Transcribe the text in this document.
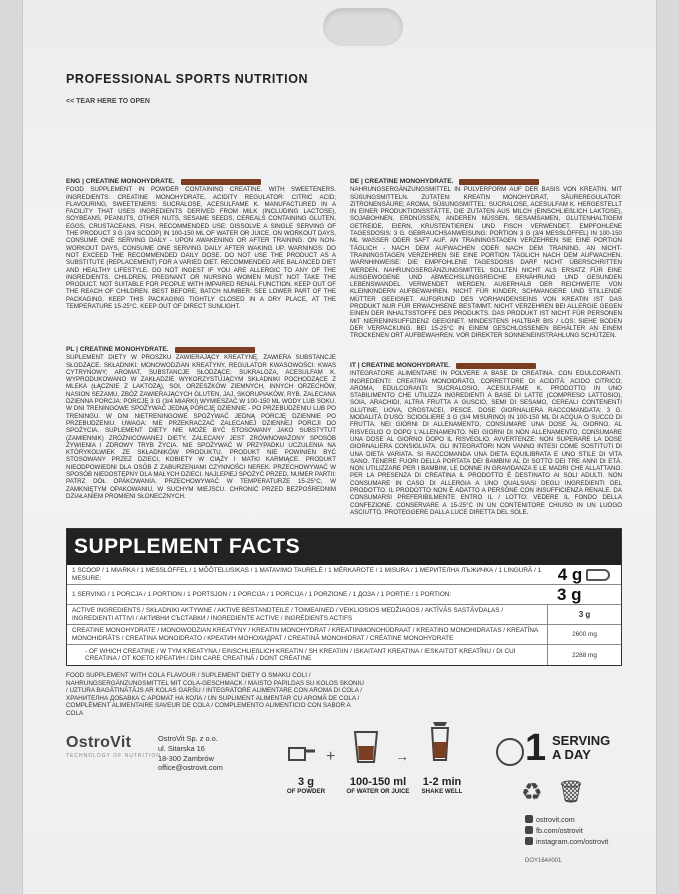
PROFESSIONAL SPORTS NUTRITION
<< TEAR HERE TO OPEN
ENG | CREATINE MONOHYDRATE.

FOOD SUPPLEMENT IN POWDER CONTAINING CREATINE. WITH SWEETENERS. INGREDIENTS: CREATINE MONOHYDRATE, ACIDITY REGULATOR: CITRIC ACID; FLAVOURING, SWEETENERS: SUCRALOSE, ACESULFAME K. MANUFACTURED IN A FACILITY THAT USES INGREDIENTS DERIVED FROM MILK (INCLUDING LACTOSE), SOYBEANS, PEANUTS, OTHER NUTS, SESAME SEEDS, CEREALS CONTAINING GLUTEN, EGGS, CRUSTACEANS, FISH. RECOMMENDED USE: DISSOLVE A SINGLE SERVING OF THE PRODUCT 3 G (3/4 SCOOP) IN 100-150 ML OF WATER OR JUICE. ON WORKOUT DAYS, CONSUME ONE SERVING DAILY - UPON AWAKENING OR AFTER TRAINING. ON NON-WORKOUT DAYS, CONSUME ONE SERVING DAILY AFTER WAKING UP. WARNINGS: DO NOT EXCEED THE RECOMMENDED DAILY DOSE. DO NOT USE THE PRODUCT AS A SUBSTITUTE (REPLACEMENT) FOR A VARIED DIET. RECOMMENDED ARE BALANCED DIET AND HEALTHY LIFESTYLE. DO NOT INGEST IF YOU ARE ALLERGIC TO ANY OF THE INGREDIENTS. CHILDREN, PREGNANT OR NURSING WOMEN MUST NOT TAKE THE PRODUCT. NOT SUITABLE FOR PEOPLE WITH IMPAIRED RENAL FUNCTION. KEEP OUT OF THE REACH OF CHILDREN. BEST BEFORE, BATCH NUMBER: SEE LOWER PART OF THE PACKAGING. KEEP THIS PACKAGING TIGHTLY CLOSED IN A DRY PLACE, AT THE TEMPERATURE 15-25°C. KEEP OUT OF DIRECT SUNLIGHT.

DE | CREATINE MONOHYDRATE.

NAHRUNGSERGÄNZUNGSMITTEL IN PULVERFORM AUF DER BASIS VON KREATIN. MIT SÜßUNGSMITTELN. ZUTATEN: KREATIN MONOHYDRAT, SÄUREREGULATOR: ZITRONENSÄURE; AROMA, SÜßUNGSMITTEL: SUCRALOSE, ACESULFAM K. HERGESTELLT IN EINER PRODUKTIONSSTÄTTE, DIE ZUTATEN AUS MILCH (EINSCHLIEßLICH LAKTOSE), SOJABOHNEN, ERDNÜSSEN, ANDEREN NÜSSEN, SESAMSAMEN, GLUTENHALTIGEM GETREIDE, EIERN, KRUSTENTIEREN UND FISCH VERWENDET. EMPFOHLENE TAGESDOSIS: 3 G. GEBRAUCHSANWEISUNG: PORTION 3 G (3/4 MESSLÖFFEL) IN 100-150 ML WASSER ODER SAFT AUF. AN TRAININGSTAGEN VERZEHREN SIE EINE PORTION TÄGLICH - NACH DEM AUFWACHEN ODER NACH DEM TRAINING. AN NICHT-TRAININGSTAGEN VERZEHREN SIE EINE PORTION TÄGLICH NACH DEM AUFWACHEN. WARNHINWEISE: DIE EMPFOHLENE TAGESDOSIS DARF NICHT ÜBERSCHRITTEN WERDEN. NAHRUNGSERGÄNZUNGSMITTEL SOLLTEN NICHT ALS ERSATZ FÜR EINE AUSGEWOGENE UND ABWECHSLUNGSREICHE ERNÄHRUNG UND GESUNDEN LEBENSWANDEL VERWENDET WERDEN. AUßERHALB DER REICHWEITE VON KLEINKINDERN AUFBEWAHREN. NICHT FÜR KINDER, SCHWANGERE UND STILLENDE MÜTTER GEEIGNET. AUFGRUND DES VORHANDENSEINS VON KREATIN IST DAS PRODUKT NUR FÜR ERWACHSENE BESTIMMT. NICHT VERZEHREN BEI ALLERGIE GEGEN EINEN DER INHALTSSTOFFE DES PRODUKTS. DAS PRODUKT IST NICHT FÜR PERSONEN MIT NIERENINSUFFIZIENZ GEEIGNET. MINDESTENS HALTBAR BIS / LOS: SIEHE BODEN DER VERPACKUNG. BEI 15-25°C IN EINEM GESCHLOSSENEN BEHÄLTER AN EINEM TROCKENEN ORT AUFBEWAHREN. VOR DIREKTER SONNENEINSTRAHLUNG SCHÜTZEN.

PL | CREATINE MONOHYDRATE.

SUPLEMENT DIETY W PROSZKU ZAWIERAJĄCY KREATYNĘ. ZAWIERA SUBSTANCJE SŁODZĄCE. SKŁADNIKI: MONOWODZIAN KREATYNY, REGULATOR KWASOWOŚCI: KWAS CYTRYNOWY; AROMAT, SUBSTANCJE SŁODZĄCE: SUKRALOZA, ACESULFAM K. WYPRODUKOWANO W ZAKŁADZIE WYKORZYSTUJĄCYM SKŁADNIKI POCHODZĄCE Z MLEKA (ŁĄCZNIE Z LAKTOZĄ), SOI, ORZESZKÓW ZIEMNYCH, INNYCH ORZECHÓW, NASION SEZAMU, ZBÓŻ ZAWIERAJĄCYCH GLUTEN, JAJ, SKORUPIAKÓW, RYB. ZALECANA DZIENNA PORCJA: PORCJĘ 3 G (3/4 MIARKI) WYMIESZAĆ W 100-150 ML WODY LUB SOKU. W DNI TRENINGOWE SPOŻYWAĆ JEDNĄ PORCJĘ DZIENNIE - PO PRZEBUDZENIU LUB PO TRENINGU. W DNI NIETRENINGOWE SPOŻYWAĆ JEDNĄ PORCJĘ DZIENNIE PO PRZEBUDZENIU. UWAGA: NIE PRZEKRACZAĆ ZALECANEJ DZIENNEJ PORCJI DO SPOŻYCIA. SUPLEMENT DIETY NIE MOŻE BYĆ STOSOWANY JAKO SUBSTYTUT (ZAMIENNIK) ZRÓŻNICOWANEJ DIETY. ZALECANY JEST ZRÓWNOWAŻONY SPOSÓB ŻYWIENIA I ZDROWY TRYB ŻYCIA. NIE SPOŻYWAĆ W PRZYPADKU UCZULENIA NA KTÓRYKOLWIEK ZE SKŁADNIKÓW PRODUKTU. PRODUKT NIE POWINIEN BYĆ STOSOWANY PRZEZ DZIECI, KOBIETY W CIĄŻY I MATKI KARMIĄCE. PRODUKT NIEODPOWIEDNI DLA OSÓB Z ZABURZENIAMI CZYNNOŚCI NEREK. PRZECHOWYWAĆ W SPOSÓB NIEDOSTĘPNY DLA MAŁYCH DZIECI. NAJLEPIEJ SPOŻYĆ PRZED, NUMER PARTII: PATRZ DÓŁ OPAKOWANIA. PRZECHOWYWAĆ W TEMPERATURZE 15-25°C, W ZAMKNIĘTYM OPAKOWANIU, W SUCHYM MIEJSCU. CHRONIĆ PRZED BEZPOŚREDNIM DZIAŁANIEM PROMIENI SŁONECZNYCH.

IT | CREATINE MONOHYDRATE.

INTEGRATORE ALIMENTARE IN POLVERE A BASE DI CREATINA. CON EDULCORANTI. INGREDIENTI: CREATINA MONOIDRATO, CORRETTORE DI ACIDITÀ: ACIDO CITRICO; AROMA, EDULCORANTI: SUCRALOSIO, ACESULFAME K. PRODOTTO IN UNO STABILIMENTO CHE UTILIZZA INGREDIENTI A BASE DI LATTE (COMPRESO LATTOSIO), SOIA, ARACHIDI, ALTRA FRUTTA A GUSCIO, SEMI DI SESAMO, CEREALI CONTENENTI GLUTINE, UOVA, CROSTACEI, PESCE. DOSE GIORNALIERA RACCOMANDATA: 3 G. MODALITÀ D'USO: SCIOGLIERE 3 G (3/4 MISURINO) IN 100-150 ML DI ACQUA O SUCCO DI FRUTTA. NEI GIORNI DI ALLENAMENTO, CONSUMARE UNA DOSE AL GIORNO, AL RISVEGLIO O DOPO L'ALLENAMENTO. NEI GIORNI DI NON ALLENAMENTO, CONSUMARE UNA DOSE AL GIORNO DOPO IL RISVEGLIO. AVVERTENZE: NON SUPERARE LA DOSE GIORNALIERA CONSIGLIATA. GLI INTEGRATORI NON VANNO INTESI COME SOSTITUTI DI UNA DIETA VARIATA. SI RACCOMANDA UNA DIETA EQUILIBRATA E UNO STILE DI VITA SANO. TENERE FUORI DELLA PORTATA DEI BAMBINI AL DI SOTTO DEI TRE ANNI DI ETÀ. NON UTILIZZARE PER I BAMBINI, LE DONNE IN GRAVIDANZA E LE MADRI CHE ALLATTANO. PER LA PRESENZA DI CREATINA IL PRODOTTO È DESTINATO AI SOLI ADULTI. NON CONSUMARE IN CASO DI ALLERGIA A UNO QUALSIASI DEGLI INGREDIENTI DEL PRODOTTO. IL PRODOTTO NON È ADATTO A PERSONE CON INSUFFICIENZA RENALE. DA CONSUMARSI PREFERIBILMENTE ENTRO IL / LOTTO: VEDERE IL FONDO DELLA CONFEZIONE. CONSERVARE A 15-25°C IN UN CONTENITORE CHIUSO IN UN LUOGO ASCIUTTO. PROTEGGERE DALLA LUCE DIRETTA DEL SOLE.

SUPPLEMENT FACTS
1 SCOOP / 1 MIARKA / 1 MESSLÖFFEL / 1 MÕÕTELUSIKAS / 1 MATAVIMO TAURELĖ / 1 MĒRKAROTE / 1 MISURA / 1 МЕРИТЕЛНА ЛЪЖИЧКА / 1 LINGURĂ / 1 MESURE:	4 g
1 SERVING / 1 PORCJA / 1 PORTION / 1 PORTSJON / 1 PORCIJA / 1 PORCIJA / 1 PORZIONE / 1 ДОЗА / 1 PORȚIE / 1 PORTION:	3 g
ACTIVE INGREDIENTS / SKŁADNIKI AKTYWNE / AKTIVE BESTANDTEILE / TOIMEAINED / VEIKLIOSIOS MEDŽIAGOS / AKTĪVĀS SASTĀVDAĻAS / INGREDIENTI ATTIVI / АКТИВНИ СЪСТАВКИ / INGREDIENTE ACTIVE / INGRÉDIENTS ACTIFS	3 g
CREATINE MONOHYDRATE / MONOWODZIAN KREATYNY / KREATIN MONOHYDRAT / KREATIINMONOHÜDRAAT / KREATINO MONOHIDRATAS / KREATĪNA MONOHIDRĀTS / CREATINA MONOIDRATO / КРЕАТИН МОНОХИДРАТ / CREATINĂ MONOHIDRAT / CRÉATINE MONOHYDRATE	2600 mg
- OF WHICH CREATINE / W TYM KREATYNA / EINSCHLIEßLICH KREATIN / SH KREATIIN / ISKAITANT KREATINA / IESKAITOT KREATĪNU / DI CUI CREATINA / ОТ КОЕТО КРЕАТИН / DIN CARE CREATINĂ / DONT CRÉATINE	2288 mg
FOOD SUPPLEMENT WITH COLA FLAVOUR / SUPLEMENT DIETY O SMAKU COLI / NAHRUNGSERGÄNZUNGSMITTEL MIT COLA-GESCHMACK / MAISTO PAPILDAS SU KOLOS SKONIU / UZTURA BAGĀTINĀTĀJS AR KOLAS GARŠU / INTEGRATORE ALIMENTARE CON AROMA DI COLA / ХРАНИТЕЛНА ДОБАВКА С АРОМАТ НА КОЛА / UN SUPLIMENT ALIMENTAR CU AROMĂ DE COLA / COMPLÉMENT ALIMENTAIRE SAVEUR DE COLA / COMPLEMENTO ALIMENTICIO CON SABOR A COLA
OstroVit
TECHNOLOGY OF NUTRITION
OstroVit Sp. z o.o.
ul. Sitarska 16
18-300 Zambrów
office@ostrovit.com
+	→
3 g
OF POWDER
100-150 ml
OF WATER OR JUICE
1-2 min
SHAKE WELL
1 SERVING
A DAY
♻ 🗑
ostrovit.com
fb.com/ostrovit
instagram.com/ostrovit
DOY164#001
